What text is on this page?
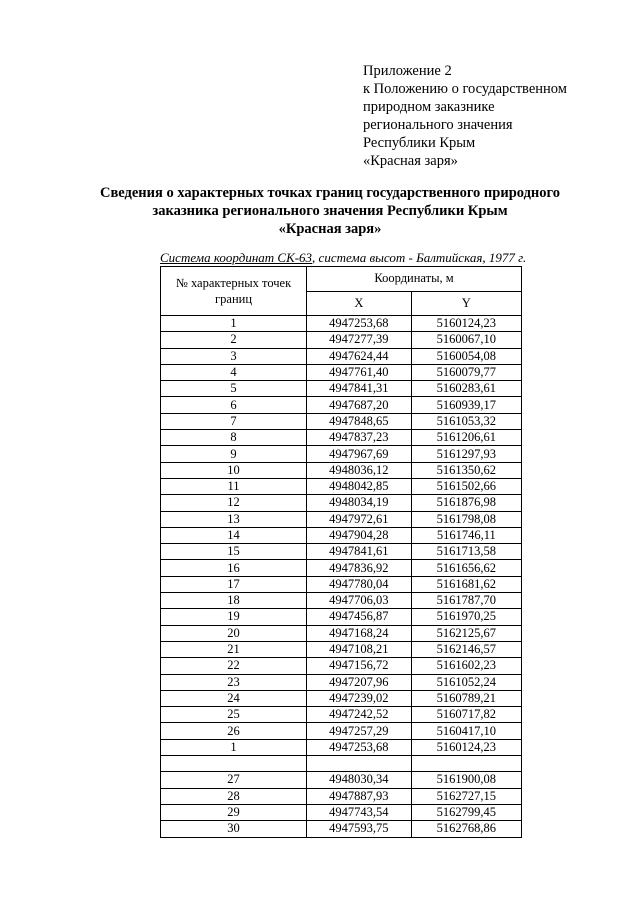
Приложение 2
к Положению о государственном
природном заказнике
регионального значения
Республики Крым
«Красная заря»
Сведения о характерных точках границ государственного природного
заказника регионального значения Республики Крым
«Красная заря»
Система координат СК-63, система высот - Балтийская, 1977 г.
№ характерных точек границ	Координаты, м	
	X	Y
1	4947253,68	5160124,23
2	4947277,39	5160067,10
3	4947624,44	5160054,08
4	4947761,40	5160079,77
5	4947841,31	5160283,61
6	4947687,20	5160939,17
7	4947848,65	5161053,32
8	4947837,23	5161206,61
9	4947967,69	5161297,93
10	4948036,12	5161350,62
11	4948042,85	5161502,66
12	4948034,19	5161876,98
13	4947972,61	5161798,08
14	4947904,28	5161746,11
15	4947841,61	5161713,58
16	4947836,92	5161656,62
17	4947780,04	5161681,62
18	4947706,03	5161787,70
19	4947456,87	5161970,25
20	4947168,24	5162125,67
21	4947108,21	5162146,57
22	4947156,72	5161602,23
23	4947207,96	5161052,24
24	4947239,02	5160789,21
25	4947242,52	5160717,82
26	4947257,29	5160417,10
1	4947253,68	5160124,23

27	4948030,34	5161900,08
28	4947887,93	5162727,15
29	4947743,54	5162799,45
30	4947593,75	5162768,86
